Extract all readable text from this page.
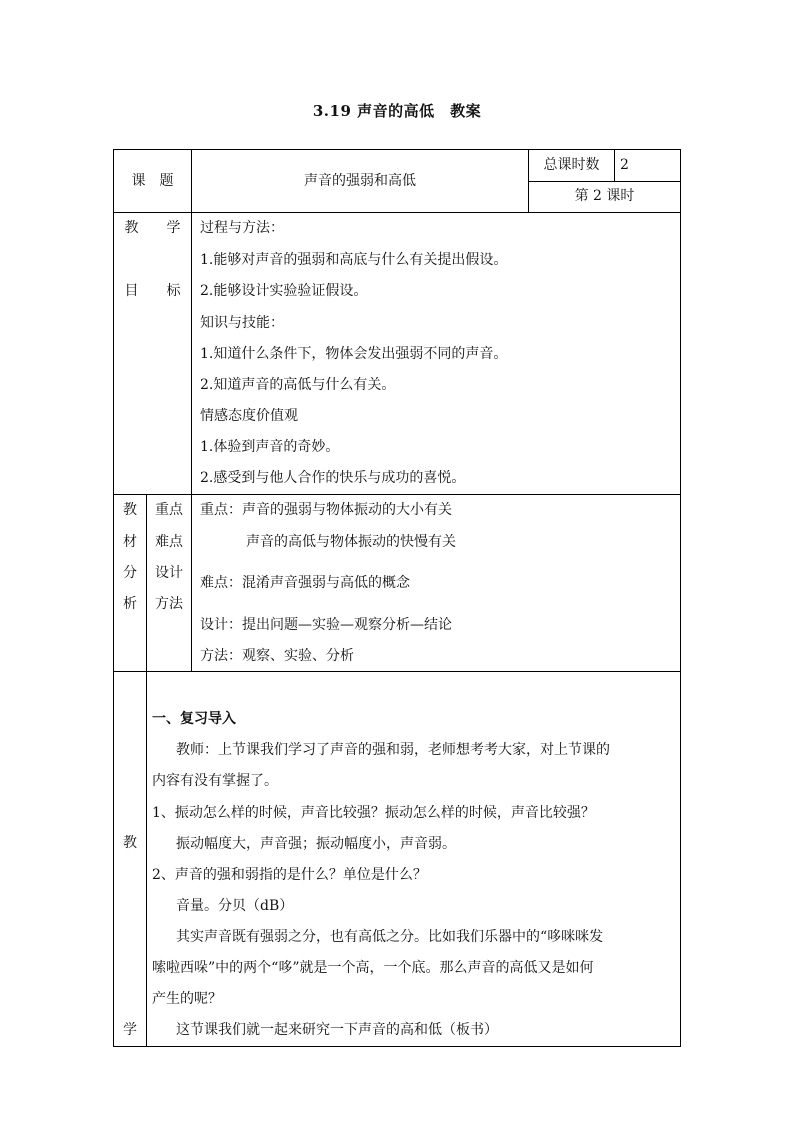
3.19 声音的高低　教案
课　题	声音的强弱和高低
总课时数	2
第 2 课时
教　　学
目　　标
过程与方法：
1.能够对声音的强弱和高底与什么有关提出假设。
2.能够设计实验验证假设。
知识与技能：
1.知道什么条件下，物体会发出强弱不同的声音。
2.知道声音的高低与什么有关。
情感态度价值观
1.体验到声音的奇妙。
2.感受到与他人合作的快乐与成功的喜悦。
教
材
分
析
重点
难点
设计
方法
重点：声音的强弱与物体振动的大小有关
声音的高低与物体振动的快慢有关
难点：混淆声音强弱与高低的概念
设计：提出问题—实验—观察分析—结论
方法：观察、实验、分析
教
学
一、复习导入
教师：上节课我们学习了声音的强和弱，老师想考考大家，对上节课的
内容有没有掌握了。
1、振动怎么样的时候，声音比较强？振动怎么样的时候，声音比较强？
振动幅度大，声音强；振动幅度小，声音弱。
2、声音的强和弱指的是什么？单位是什么？
音量。分贝（dB）
其实声音既有强弱之分，也有高低之分。比如我们乐器中的“哆咪咪发
嗦啦西哚”中的两个“哆”就是一个高，一个底。那么声音的高低又是如何
产生的呢？
这节课我们就一起来研究一下声音的高和低（板书）
